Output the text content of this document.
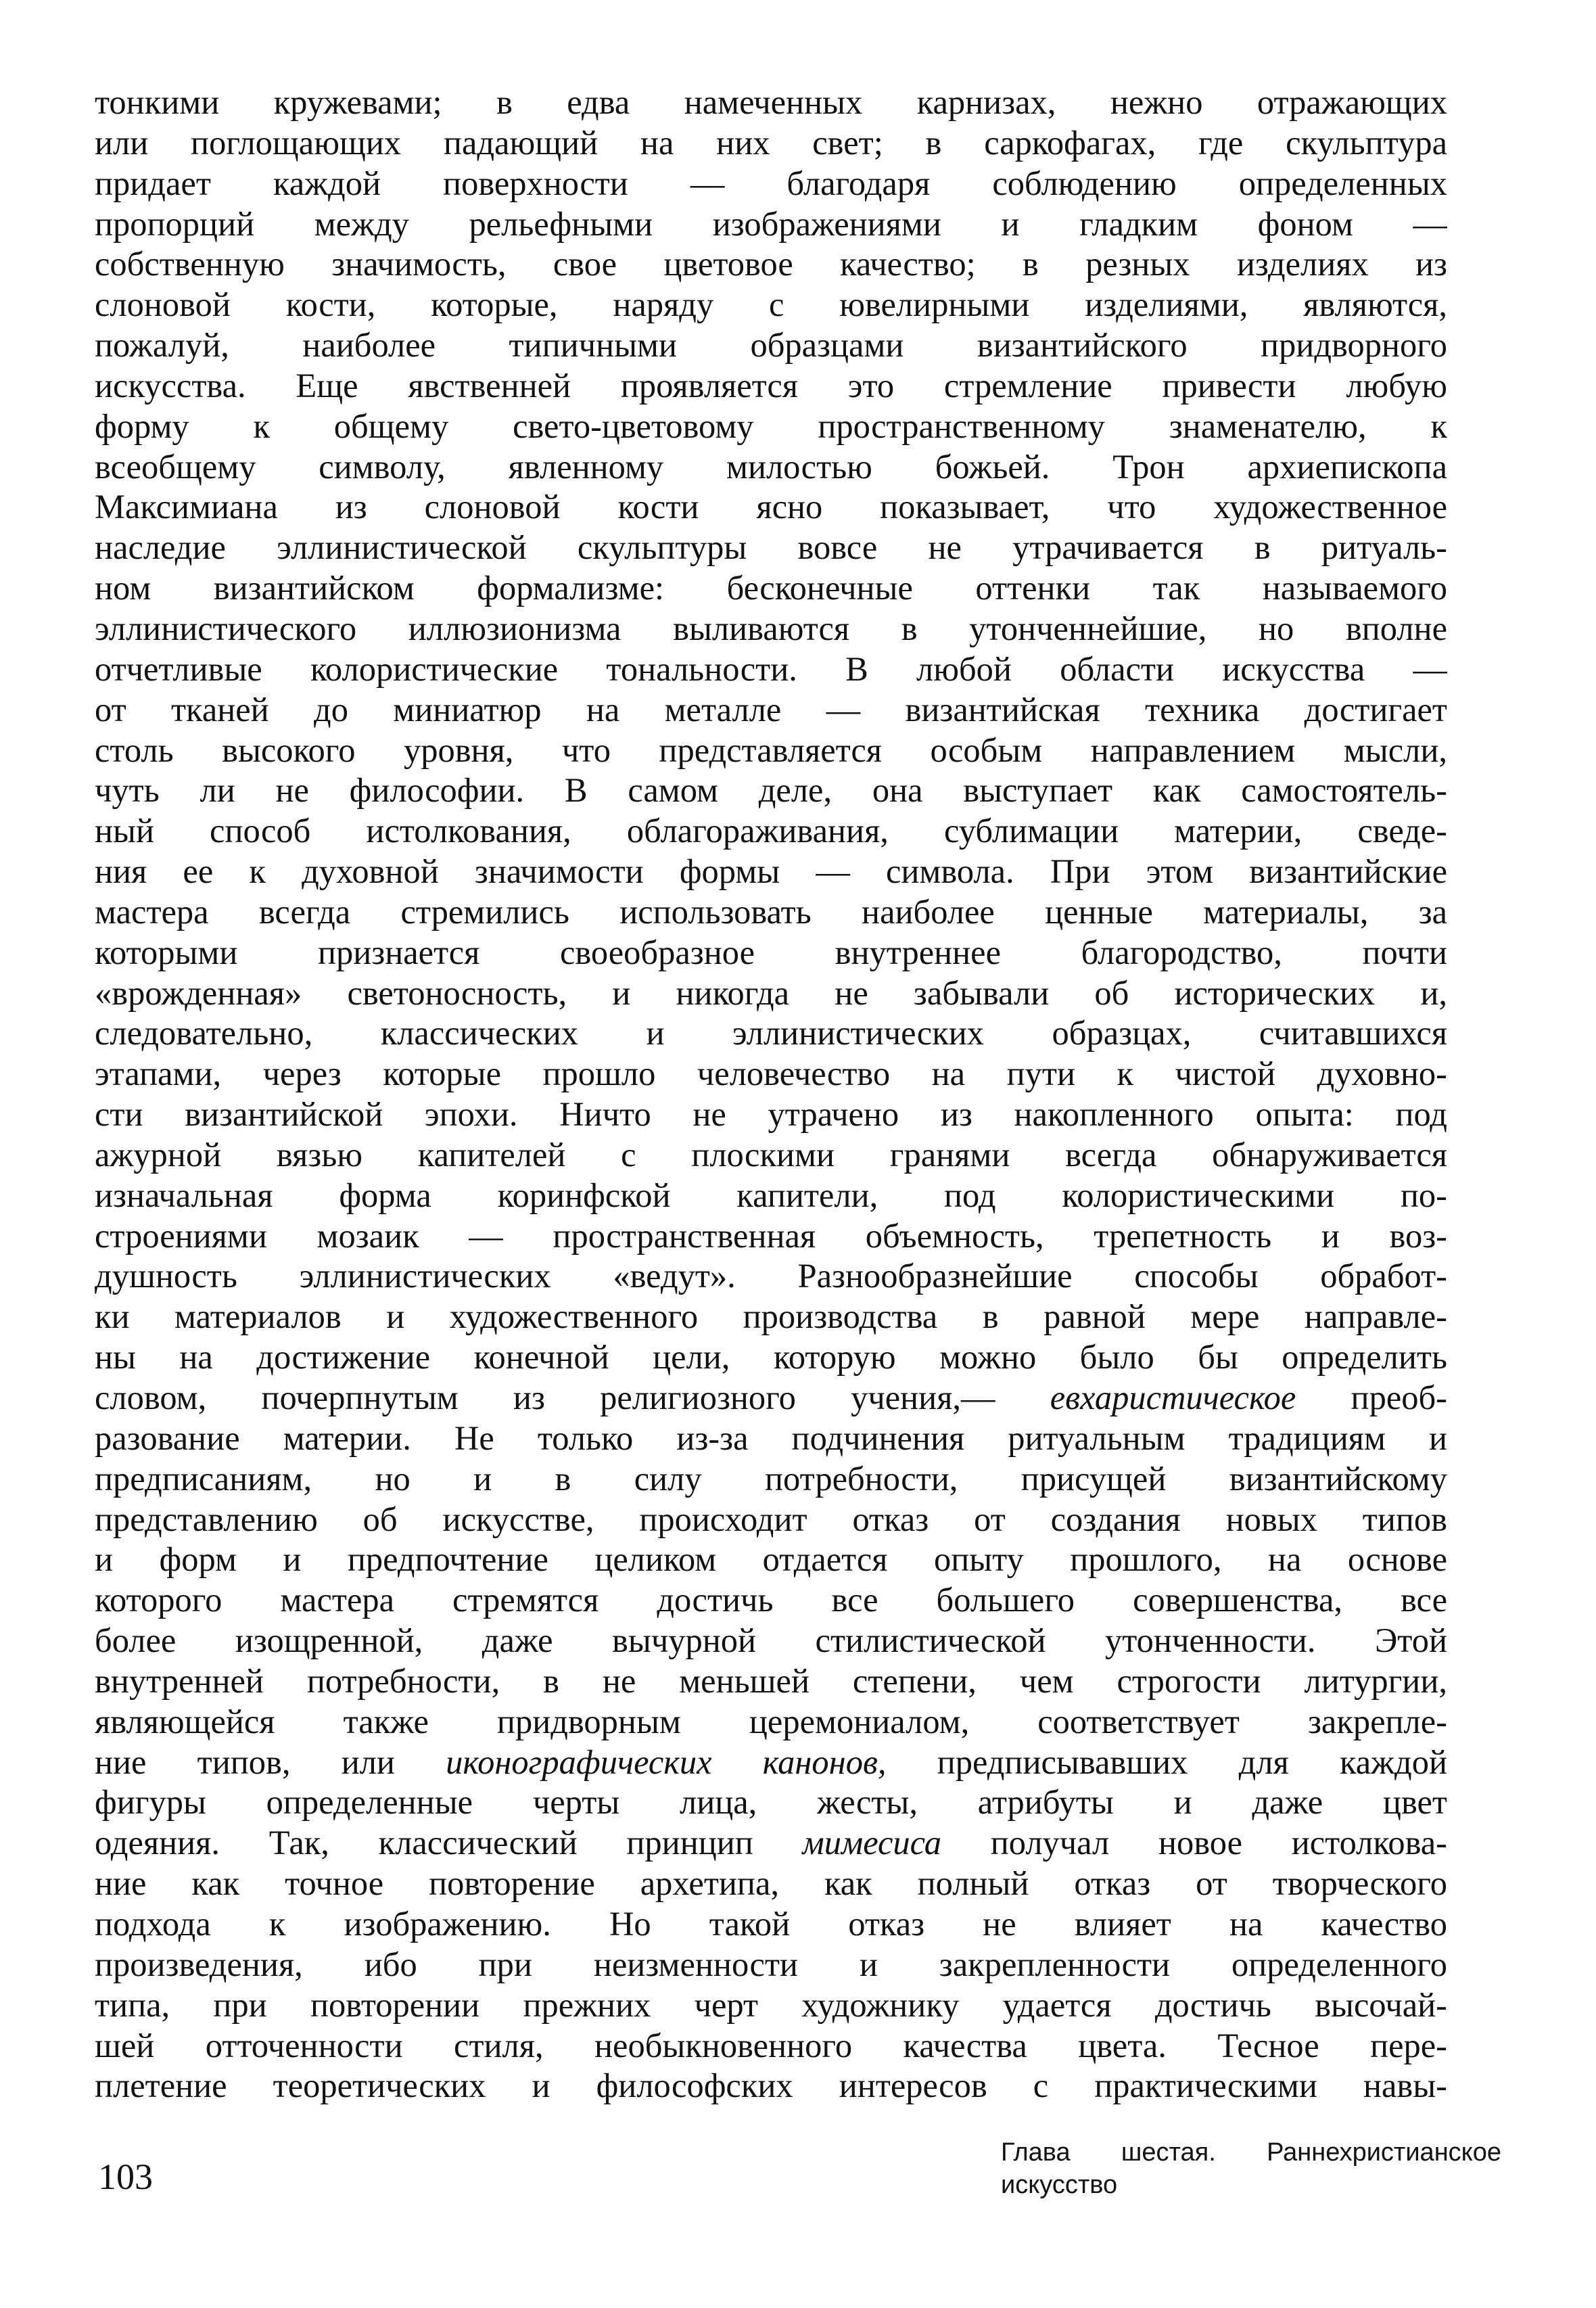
тонкими кружевами; в едва намеченных карнизах, нежно отражающих
или поглощающих падающий на них свет; в саркофагах, где скульптура
придает каждой поверхности — благодаря соблюдению определенных
пропорций между рельефными изображениями и гладким фоном —
собственную значимость, свое цветовое качество; в резных изделиях из
слоновой кости, которые, наряду с ювелирными изделиями, являются,
пожалуй, наиболее типичными образцами византийского придворного
искусства. Еще явственней проявляется это стремление привести любую
форму к общему свето-цветовому пространственному знаменателю, к
всеобщему символу, явленному милостью божьей. Трон архиепископа
Максимиана из слоновой кости ясно показывает, что художественное
наследие эллинистической скульптуры вовсе не утрачивается в ритуаль-
ном византийском формализме: бесконечные оттенки так называемого
эллинистического иллюзионизма выливаются в утонченнейшие, но вполне
отчетливые колористические тональности. В любой области искусства —
от тканей до миниатюр на металле — византийская техника достигает
столь высокого уровня, что представляется особым направлением мысли,
чуть ли не философии. В самом деле, она выступает как самостоятель-
ный способ истолкования, облагораживания, сублимации материи, сведе-
ния ее к духовной значимости формы — символа. При этом византийские
мастера всегда стремились использовать наиболее ценные материалы, за
которыми признается своеобразное внутреннее благородство, почти
«врожденная» светоносность, и никогда не забывали об исторических и,
следовательно, классических и эллинистических образцах, считавшихся
этапами, через которые прошло человечество на пути к чистой духовно-
сти византийской эпохи. Ничто не утрачено из накопленного опыта: под
ажурной вязью капителей с плоскими гранями всегда обнаруживается
изначальная форма коринфской капители, под колористическими по-
строениями мозаик — пространственная объемность, трепетность и воз-
душность эллинистических «ведут». Разнообразнейшие способы обработ-
ки материалов и художественного производства в равной мере направле-
ны на достижение конечной цели, которую можно было бы определить
словом, почерпнутым из религиозного учения,— евхаристическое преоб-
разование материи. Не только из-за подчинения ритуальным традициям и
предписаниям, но и в силу потребности, присущей византийскому
представлению об искусстве, происходит отказ от создания новых типов
и форм и предпочтение целиком отдается опыту прошлого, на основе
которого мастера стремятся достичь все большего совершенства, все
более изощренной, даже вычурной стилистической утонченности. Этой
внутренней потребности, в не меньшей степени, чем строгости литургии,
являющейся также придворным церемониалом, соответствует закрепле-
ние типов, или иконографических канонов, предписывавших для каждой
фигуры определенные черты лица, жесты, атрибуты и даже цвет
одеяния. Так, классический принцип мимесиса получал новое истолкова-
ние как точное повторение архетипа, как полный отказ от творческого
подхода к изображению. Но такой отказ не влияет на качество
произведения, ибо при неизменности и закрепленности определенного
типа, при повторении прежних черт художнику удается достичь высочай-
шей отточенности стиля, необыкновенного качества цвета. Тесное пере-
плетение теоретических и философских интересов с практическими навы-
103
Глава шестая. Раннехристианское
искусство
